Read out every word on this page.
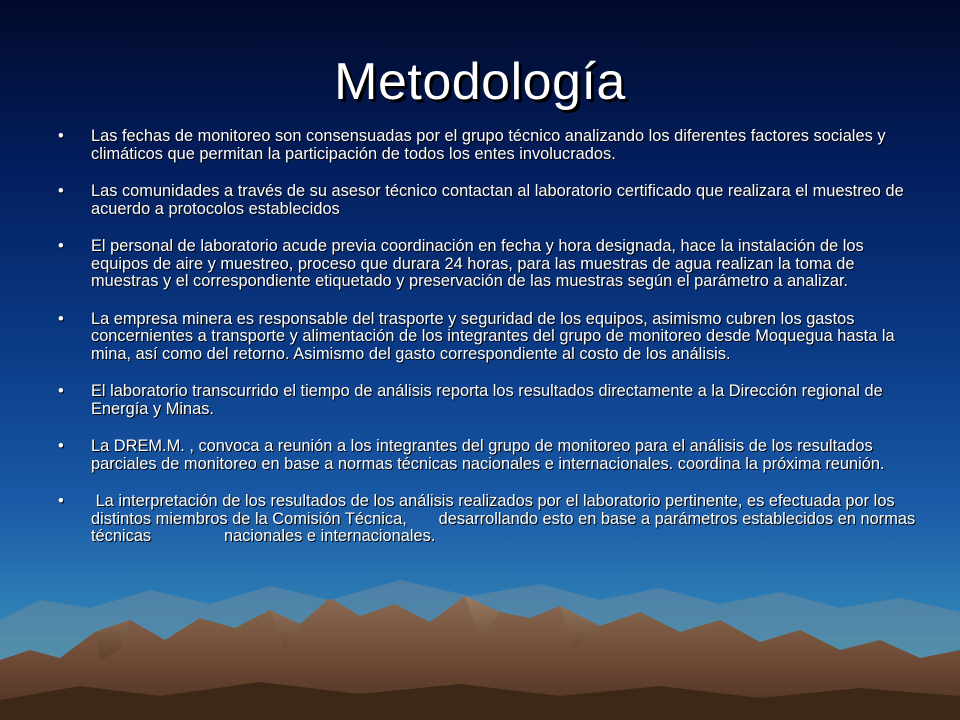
Metodología
• Las fechas de monitoreo son consensuadas por el grupo técnico analizando los diferentes factores sociales y climáticos que permitan la participación de todos los entes involucrados.
• Las comunidades a través de su asesor técnico contactan al laboratorio certificado que realizara el muestreo de acuerdo a protocolos establecidos
• El personal de laboratorio acude previa coordinación en fecha y hora designada, hace la instalación de los equipos de aire y muestreo, proceso que durara 24 horas, para las muestras de agua realizan la toma de muestras y el correspondiente etiquetado y preservación de las muestras según el parámetro a analizar.
• La empresa minera es responsable del trasporte y seguridad de los equipos, asimismo cubren los gastos concernientes a transporte y alimentación de los integrantes del grupo de monitoreo desde Moquegua hasta la mina, así como del retorno. Asimismo del gasto correspondiente al costo de los análisis.
• El laboratorio transcurrido el tiempo de análisis reporta los resultados directamente a la Dirección regional de Energía y Minas.
• La DREM.M. , convoca a reunión a los integrantes del grupo de monitoreo para el análisis de los resultados parciales de monitoreo en base a normas técnicas nacionales e internacionales. coordina la próxima reunión.
• La interpretación de los resultados de los análisis realizados por el laboratorio pertinente, es efectuada por los distintos miembros de la Comisión Técnica,       desarrollando esto en base a parámetros establecidos en normas técnicas                nacionales e internacionales.
